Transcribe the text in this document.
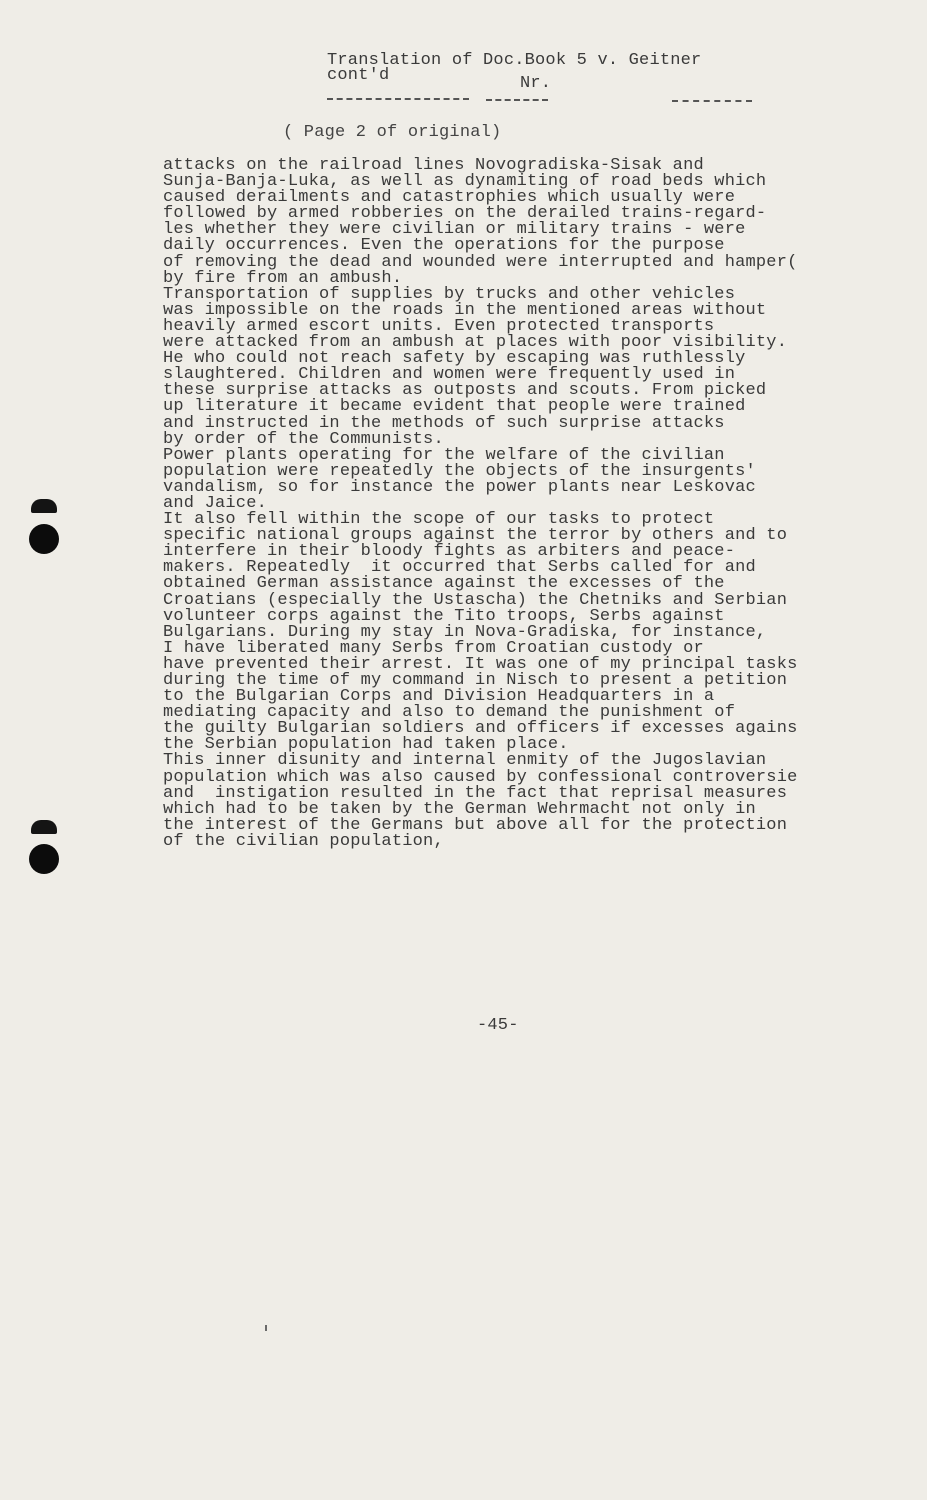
Translation of Doc.Book 5 v. Geitner
cont'd	Nr.
( Page 2 of original)
attacks on the railroad lines Novogradiska-Sisak and
Sunja-Banja-Luka, as well as dynamiting of road beds which
caused derailments and catastrophies which usually were
followed by armed robberies on the derailed trains-regard-
les whether they were civilian or military trains - were
daily occurrences. Even the operations for the purpose
of removing the dead and wounded were interrupted and hamper(
by fire from an ambush.
Transportation of supplies by trucks and other vehicles
was impossible on the roads in the mentioned areas without
heavily armed escort units. Even protected transports
were attacked from an ambush at places with poor visibility.
He who could not reach safety by escaping was ruthlessly
slaughtered. Children and women were frequently used in
these surprise attacks as outposts and scouts. From picked
up literature it became evident that people were trained
and instructed in the methods of such surprise attacks
by order of the Communists.
Power plants operating for the welfare of the civilian
population were repeatedly the objects of the insurgents'
vandalism, so for instance the power plants near Leskovac
and Jaice.
It also fell within the scope of our tasks to protect
specific national groups against the terror by others and to
interfere in their bloody fights as arbiters and peace-
makers. Repeatedly  it occurred that Serbs called for and
obtained German assistance against the excesses of the
Croatians (especially the Ustascha) the Chetniks and Serbian
volunteer corps against the Tito troops, Serbs against
Bulgarians. During my stay in Nova-Gradiska, for instance,
I have liberated many Serbs from Croatian custody or
have prevented their arrest. It was one of my principal tasks
during the time of my command in Nisch to present a petition
to the Bulgarian Corps and Division Headquarters in a
mediating capacity and also to demand the punishment of
the guilty Bulgarian soldiers and officers if excesses agains
the Serbian population had taken place.
This inner disunity and internal enmity of the Jugoslavian
population which was also caused by confessional controversie
and  instigation resulted in the fact that reprisal measures
which had to be taken by the German Wehrmacht not only in
the interest of the Germans but above all for the protection
of the civilian population,
-45-
